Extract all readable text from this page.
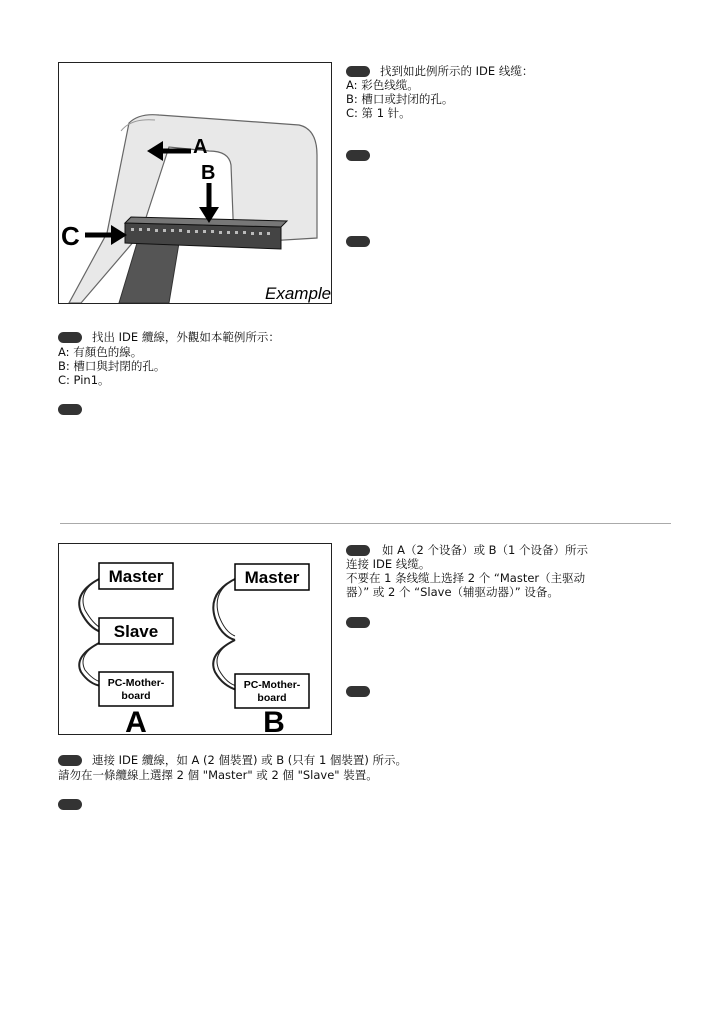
A
B
C
Example
找到如此例所示的 IDE 线缆：
A: 彩色线缆。
B: 槽口或封闭的孔。
C: 第 1 针。
找出 IDE 纜線，外觀如本範例所示：
A: 有顏色的線。
B: 槽口與封閉的孔。
C: Pin1。
Master
Slave
PC-Mother-
board
Master
PC-Mother-
board
A	B
如 A（2 个设备）或 B（1 个设备）所示
连接 IDE 线缆。
不要在 1 条线缆上选择 2 个 “Master（主驱动
器）” 或 2 个 “Slave（辅驱动器）” 设备。
連接 IDE 纜線，如 A (2 個裝置) 或 B (只有 1 個裝置) 所示。
請勿在一條纜線上選擇 2 個 "Master" 或 2 個 "Slave" 裝置。
